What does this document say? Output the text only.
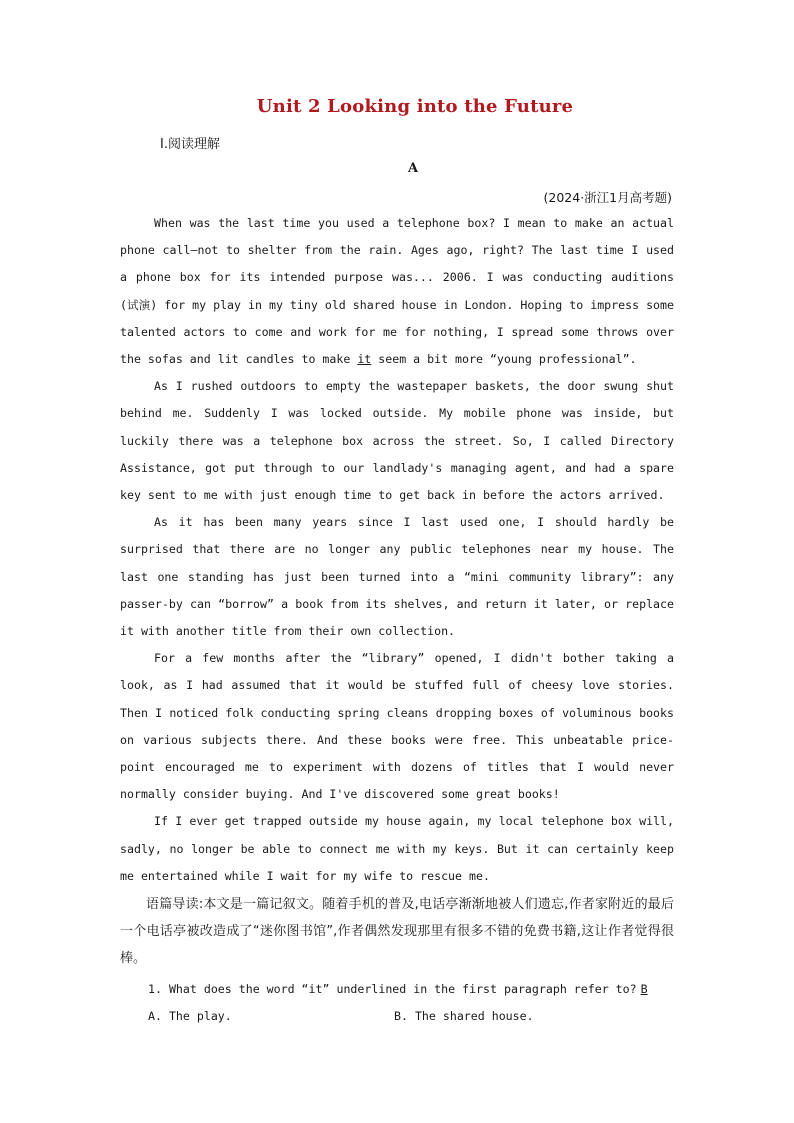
Unit 2 Looking into the Future
Ⅰ.阅读理解
A
(2024·浙江1月高考题)

When was the last time you used a telephone box? I mean to make an actual phone call—not to shelter from the rain. Ages ago, right? The last time I used a phone box for its intended purpose was... 2006. I was conducting auditions (试演) for my play in my tiny old shared house in London. Hoping to impress some talented actors to come and work for me for nothing, I spread some throws over the sofas and lit candles to make it seem a bit more “young professional”.

As I rushed outdoors to empty the wastepaper baskets, the door swung shut behind me. Suddenly I was locked outside. My mobile phone was inside, but luckily there was a telephone box across the street. So, I called Directory Assistance, got put through to our landlady's managing agent, and had a spare key sent to me with just enough time to get back in before the actors arrived.

As it has been many years since I last used one, I should hardly be surprised that there are no longer any public telephones near my house. The last one standing has just been turned into a “mini community library”: any passer-by can “borrow” a book from its shelves, and return it later, or replace it with another title from their own collection.

For a few months after the “library” opened, I didn't bother taking a look, as I had assumed that it would be stuffed full of cheesy love stories. Then I noticed folk conducting spring cleans dropping boxes of voluminous books on various subjects there. And these books were free. This unbeatable price-point encouraged me to experiment with dozens of titles that I would never normally consider buying. And I've discovered some great books!

If I ever get trapped outside my house again, my local telephone box will, sadly, no longer be able to connect me with my keys. But it can certainly keep me entertained while I wait for my wife to rescue me.

语篇导读:本文是一篇记叙文。随着手机的普及,电话亭渐渐地被人们遗忘,作者家附近的最后一个电话亭被改造成了“迷你图书馆”,作者偶然发现那里有很多不错的免费书籍,这让作者觉得很棒。

1. What does the word “it” underlined in the first paragraph refer to? B
A. The play.	B. The shared house.
